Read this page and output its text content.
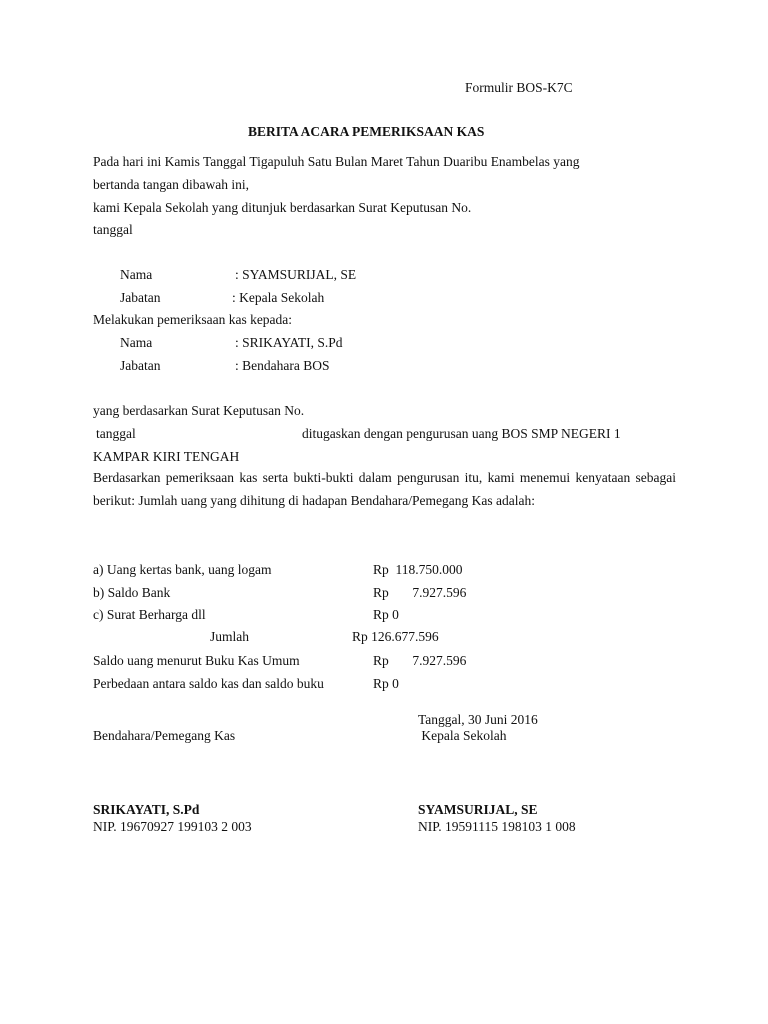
Formulir BOS-K7C
BERITA ACARA PEMERIKSAAN KAS
Pada hari ini Kamis Tanggal Tigapuluh Satu Bulan Maret Tahun Duaribu Enambelas yang
bertanda tangan dibawah ini,
kami Kepala Sekolah yang ditunjuk berdasarkan Surat Keputusan No.
tanggal
Nama	: SYAMSURIJAL, SE
Jabatan	: Kepala Sekolah
Melakukan pemeriksaan kas kepada:
Nama	: SRIKAYATI, S.Pd
Jabatan	: Bendahara BOS
yang berdasarkan Surat Keputusan No.
tanggal	ditugaskan dengan pengurusan uang BOS SMP NEGERI 1
KAMPAR KIRI TENGAH
Berdasarkan pemeriksaan kas serta bukti-bukti dalam pengurusan itu, kami menemui kenyataan sebagai berikut: Jumlah uang yang dihitung di hadapan Bendahara/Pemegang Kas adalah:
a) Uang kertas bank, uang logam	Rp  118.750.000
b) Saldo Bank	Rp       7.927.596
c) Surat Berharga dll	Rp 0
Jumlah	Rp 126.677.596
Saldo uang menurut Buku Kas Umum	Rp       7.927.596
Perbedaan antara saldo kas dan saldo buku	Rp 0
Tanggal, 30 Juni 2016
Bendahara/Pemegang Kas	Kepala Sekolah
SRIKAYATI, S.Pd
NIP. 19670927 199103 2 003
SYAMSURIJAL, SE
NIP. 19591115 198103 1 008
